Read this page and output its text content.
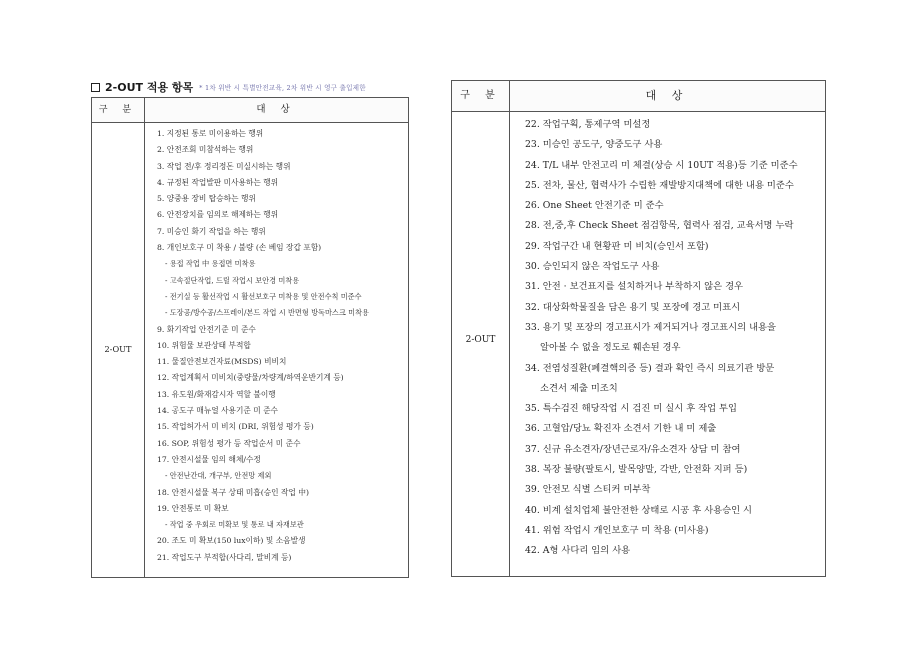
2-OUT 적용 항목 * 1차 위반 시 특별안전교육, 2차 위반 시 영구 출입제한
구 분	대 상
2-OUT
1. 지정된 통로 미이용하는 행위
2. 안전조회 미참석하는 행위
3. 작업 전/후 정리정돈 미실시하는 행위
4. 규정된 작업발판 미사용하는 행위
5. 양중용 장비 탑승하는 행위
6. 안전장치를 임의로 해제하는 행위
7. 미승인 화기 작업을 하는 행위
8. 개인보호구 미 착용 / 불량 (손 베임 장갑 포함)
- 용접 작업 中 용접면 미착용
- 고속절단작업, 드릴 작업시 보안경 미착용
- 전기실 등 활선작업 시 활선보호구 미착용 및 안전수칙 미준수
- 도장공/방수공/스프레이/본드 작업 시 반면형 방독마스크 미착용
9. 화기작업 안전기준 미 준수
10. 위험물 보관상태 부적합
11. 물질안전보건자료(MSDS) 비비치
12. 작업계획서 미비치(중량물/차량계/하역운반기계 등)
13. 유도원/화재감시자 역할 불이행
14. 공도구 매뉴얼 사용기준 미 준수
15. 작업허가서 미 비치 (DRI, 위험성 평가 등)
16. SOP, 위험성 평가 등 작업순서 미 준수
17. 안전시설물 임의 해체/수정
- 안전난간대, 개구부, 안전망 제외
18. 안전시설물 복구 상태 미흡(승인 작업 中)
19. 안전통로 미 확보
- 작업 중 우회로 미확보 및 통로 내 자재보관
20. 조도 미 확보(150 lux이하) 및 소음발생
21. 작업도구 부적합(사다리, 말비계 등)
구 분	대 상
2-OUT
22. 작업구획, 통제구역 미설정
23. 미승인 공도구, 양중도구 사용
24. T/L 내부 안전고리 미 체결(상승 시 10UT 적용)등 기준 미준수
25. 전차, 물산, 협력사가 수립한 재발방지대책에 대한 내용 미준수
26. One Sheet 안전기준 미 준수
28. 전,중,후 Check Sheet 점검항목, 협력사 점검, 교육서명 누락
29. 작업구간 내 현황판 미 비치(승인서 포함)
30. 승인되지 않은 작업도구 사용
31. 안전 · 보건표지를 설치하거나 부착하지 않은 경우
32. 대상화학물질을 담은 용기 및 포장에 경고 미표시
33. 용기 및 포장의 경고표시가 제거되거나 경고표시의 내용을
알아볼 수 없을 정도로 훼손된 경우
34. 전염성질환(폐결핵의증 등) 결과 확인 즉시 의료기관 방문
소견서 제출 미조치
35. 특수검진 해당작업 시 검진 미 실시 후 작업 투입
36. 고혈압/당뇨 확진자 소견서 기한 내 미 제출
37. 신규 유소견자/장년근로자/유소견자 상담 미 참여
38. 복장 불량(팔토시, 발목양말, 각반, 안전화 지퍼 등)
39. 안전모 식별 스티커 미부착
40. 비계 설치업체 불안전한 상태로 시공 후 사용승인 시
41. 위험 작업시 개인보호구 미 착용 (미사용)
42. A형 사다리 임의 사용
